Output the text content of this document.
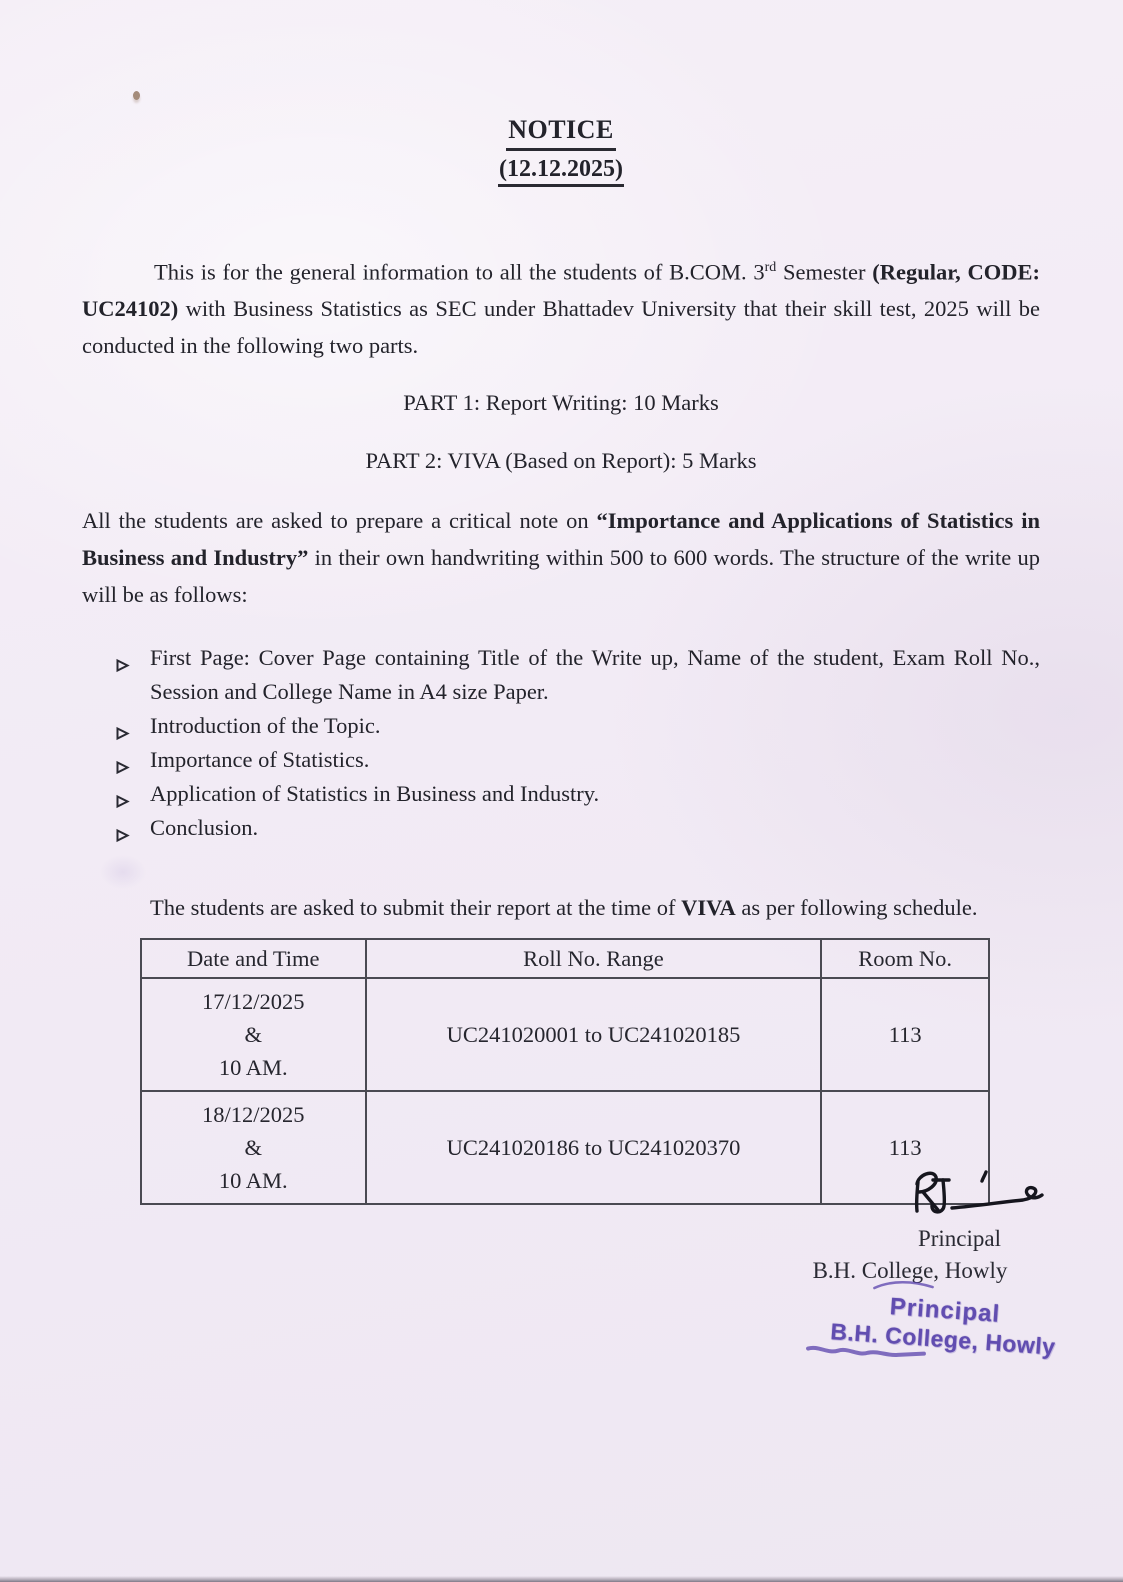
NOTICE
(12.12.2025)

This is for the general information to all the students of B.COM. 3rd Semester (Regular, CODE: UC24102) with Business Statistics as SEC under Bhattadev University that their skill test, 2025 will be conducted in the following two parts.

PART 1: Report Writing: 10 Marks

PART 2: VIVA (Based on Report): 5 Marks

All the students are asked to prepare a critical note on “Importance and Applications of Statistics in Business and Industry” in their own handwriting within 500 to 600 words. The structure of the write up will be as follows:

First Page: Cover Page containing Title of the Write up, Name of the student, Exam Roll No., Session and College Name in A4 size Paper.
Introduction of the Topic.
Importance of Statistics.
Application of Statistics in Business and Industry.
Conclusion.

The students are asked to submit their report at the time of VIVA as per following schedule.

Date and Time	Roll No. Range	Room No.

17/12/2025
&
10 AM.	UC241020001 to UC241020185	113

18/12/2025
&
10 AM.	UC241020186 to UC241020370	113
Principal
B.H. College, Howly
Principal
B.H. College, Howly
